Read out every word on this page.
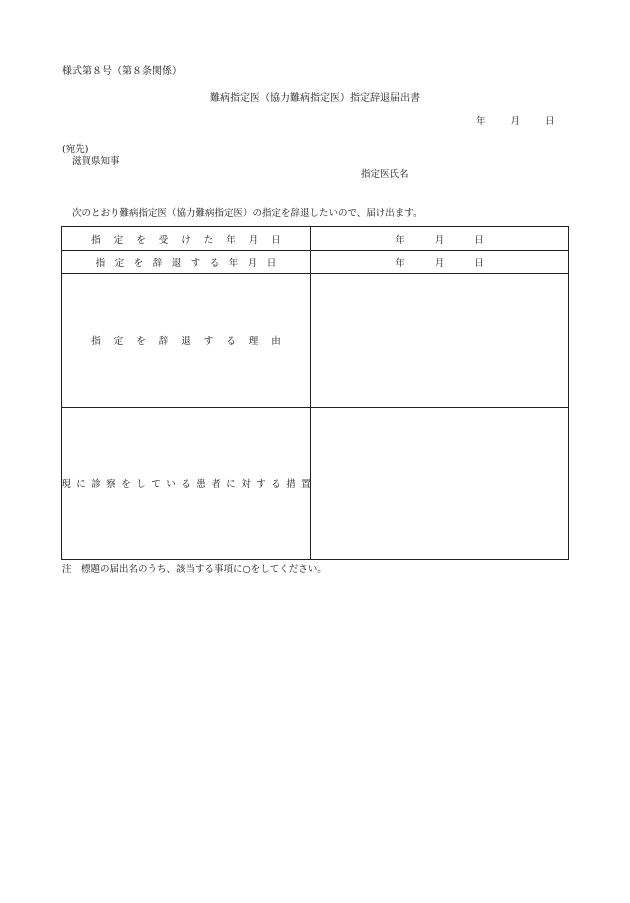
様式第８号（第８条関係）
難病指定医（協力難病指定医）指定辞退届出書
年月日
(宛先)
滋賀県知事
指定医氏名
次のとおり難病指定医（協力難病指定医）の指定を辞退したいので、届け出ます。
指定を受けた年月日	年月日
指定を辞退する年月日	年月日
指定を辞退する理由
現に診察をしている患者に対する措置
注　標題の届出名のうち、該当する事項に○をしてください。
